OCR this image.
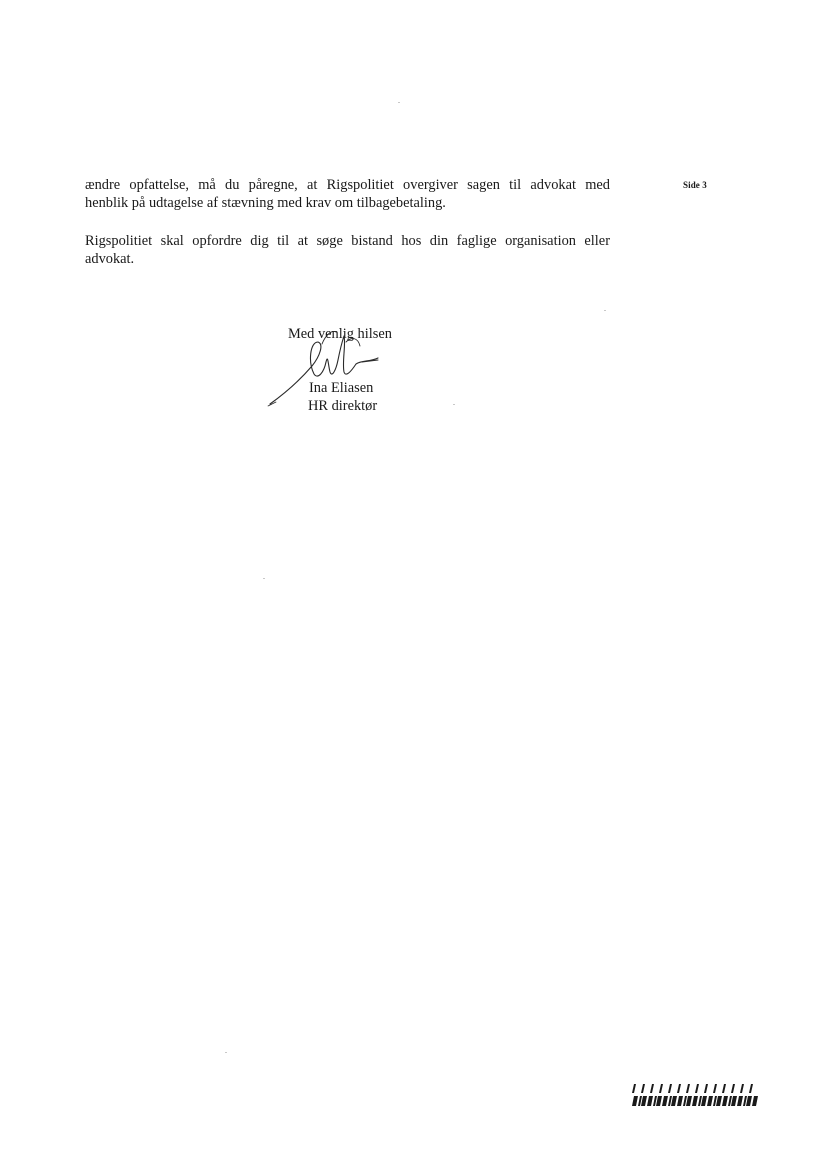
Side 3

ændre opfattelse, må du påregne, at Rigspolitiet overgiver sagen til advokat med
henblik på udtagelse af stævning med krav om tilbagebetaling.

Rigspolitiet skal opfordre dig til at søge bistand hos din faglige organisation eller
advokat.

Med venlig hilsen
Ina Eliasen
HR direktør
